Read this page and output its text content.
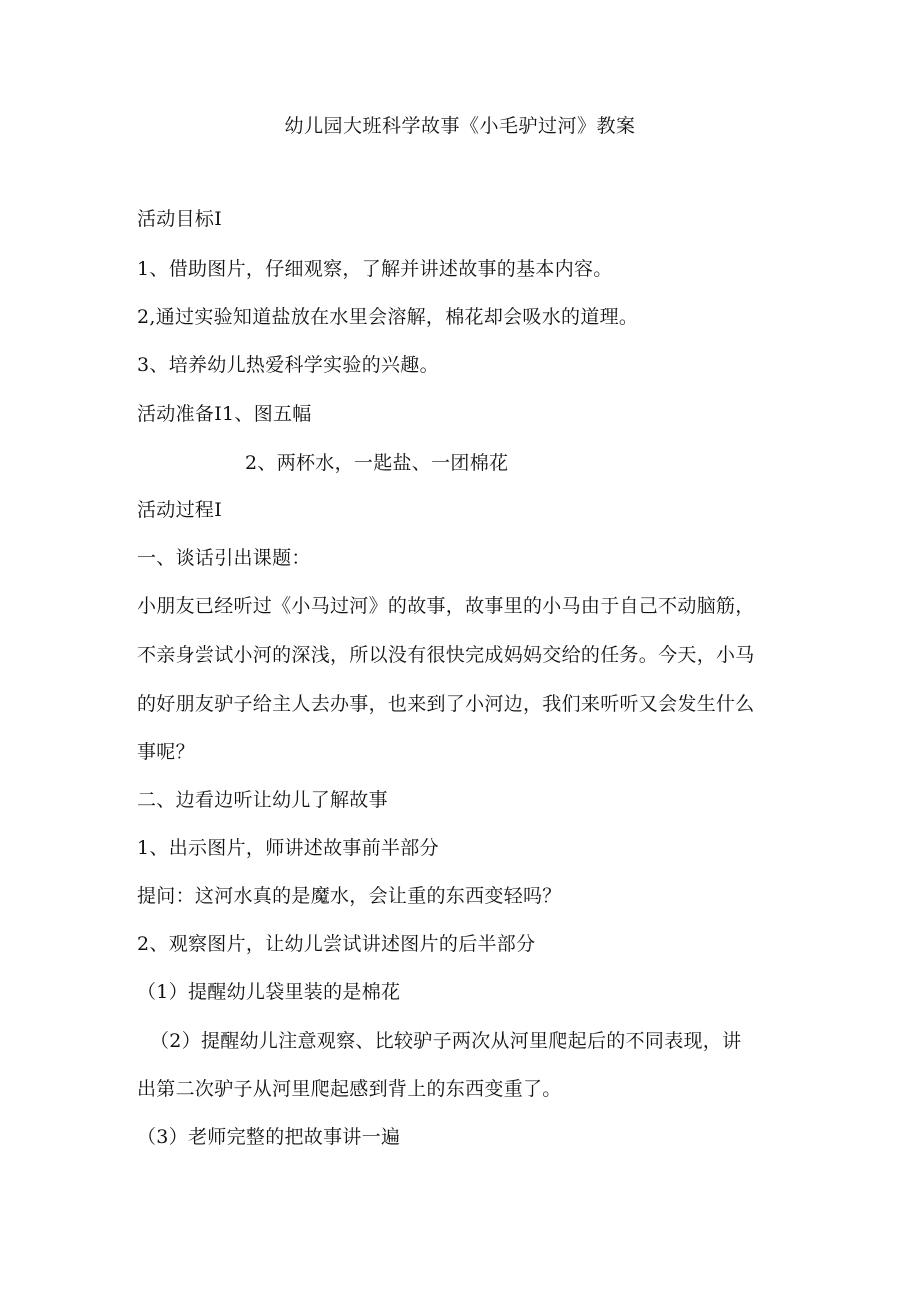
幼儿园大班科学故事《小毛驴过河》教案
活动目标I
1、借助图片，仔细观察，了解并讲述故事的基本内容。
2,通过实验知道盐放在水里会溶解，棉花却会吸水的道理。
3、培养幼儿热爱科学实验的兴趣。
活动准备I1、图五幅
2、两杯水，一匙盐、一团棉花
活动过程I
一、谈话引出课题：
小朋友已经听过《小马过河》的故事，故事里的小马由于自己不动脑筋，
不亲身尝试小河的深浅，所以没有很快完成妈妈交给的任务。今天，小马
的好朋友驴子给主人去办事，也来到了小河边，我们来听听又会发生什么
事呢？
二、边看边听让幼儿了解故事
1、出示图片，师讲述故事前半部分
提问：这河水真的是魔水，会让重的东西变轻吗？
2、观察图片，让幼儿尝试讲述图片的后半部分
（1）提醒幼儿袋里装的是棉花
（2）提醒幼儿注意观察、比较驴子两次从河里爬起后的不同表现，讲
出第二次驴子从河里爬起感到背上的东西变重了。
（3）老师完整的把故事讲一遍
